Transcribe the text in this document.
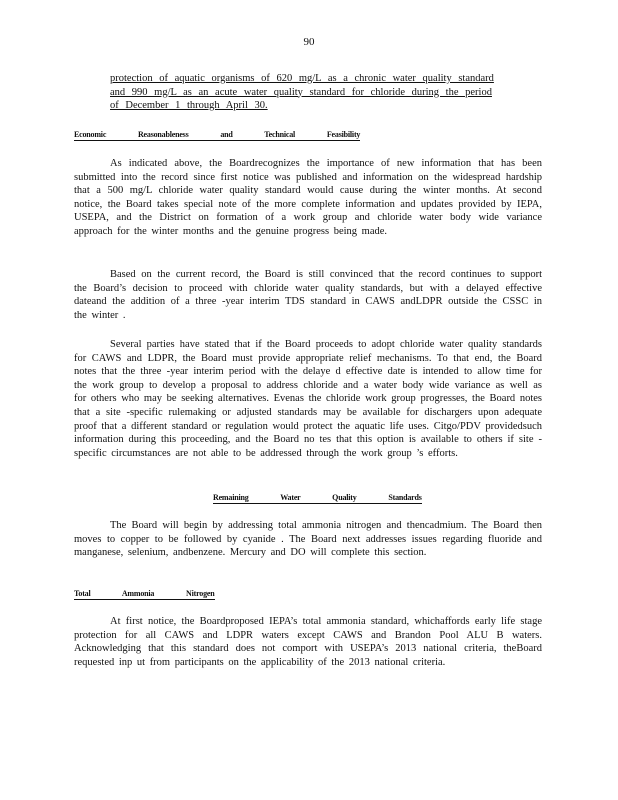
90
protection of aquatic organisms of 620 mg/L as a chronic water quality standard and 990 mg/L as an acute water quality standard for chloride during the period of December 1 through April 30.
Economic Reasonableness and Technical Feasibility

As indicated above, the Boardrecognizes the importance of new information that has been submitted into the record since first notice was published and information on the widespread hardship that a 500 mg/L chloride water quality standard would cause during the winter months. At second notice, the Board takes special note of the more complete information and updates provided by IEPA, USEPA, and the District on formation of a work group and chloride water body wide variance approach for the winter months and the genuine progress being made.

Based on the current record, the Board is still convinced that the record continues to support the Board’s decision to proceed with chloride water quality standards, but with a delayed effective dateand the addition of a three -year interim TDS standard in CAWS andLDPR outside the CSSC in the winter .

Several parties have stated that if the Board proceeds to adopt chloride water quality standards for CAWS and LDPR, the Board must provide appropriate relief mechanisms. To that end, the Board notes that the three -year interim period with the delaye d effective date is intended to allow time for the work group to develop a proposal to address chloride and a water body wide variance as well as for others who may be seeking alternatives. Evenas the chloride work group progresses, the Board notes that a site -specific rulemaking or adjusted standards may be available for dischargers upon adequate proof that a different standard or regulation would protect the aquatic life uses. Citgo/PDV providedsuch information during this proceeding, and the Board no tes that this option is available to others if site -specific circumstances are not able to be addressed through the work group ’s efforts.

Remaining Water Quality Standards

The Board will begin by addressing total ammonia nitrogen and thencadmium. The Board then moves to copper to be followed by cyanide . The Board next addresses issues regarding fluoride and manganese, selenium, andbenzene. Mercury and DO will complete this section.

Total Ammonia Nitrogen

At first notice, the Boardproposed IEPA’s total ammonia standard, whichaffords early life stage protection for all CAWS and LDPR waters except CAWS and Brandon Pool ALU B waters. Acknowledging that this standard does not comport with USEPA’s 2013 national criteria, theBoard requested inp ut from participants on the applicability of the 2013 national criteria.
